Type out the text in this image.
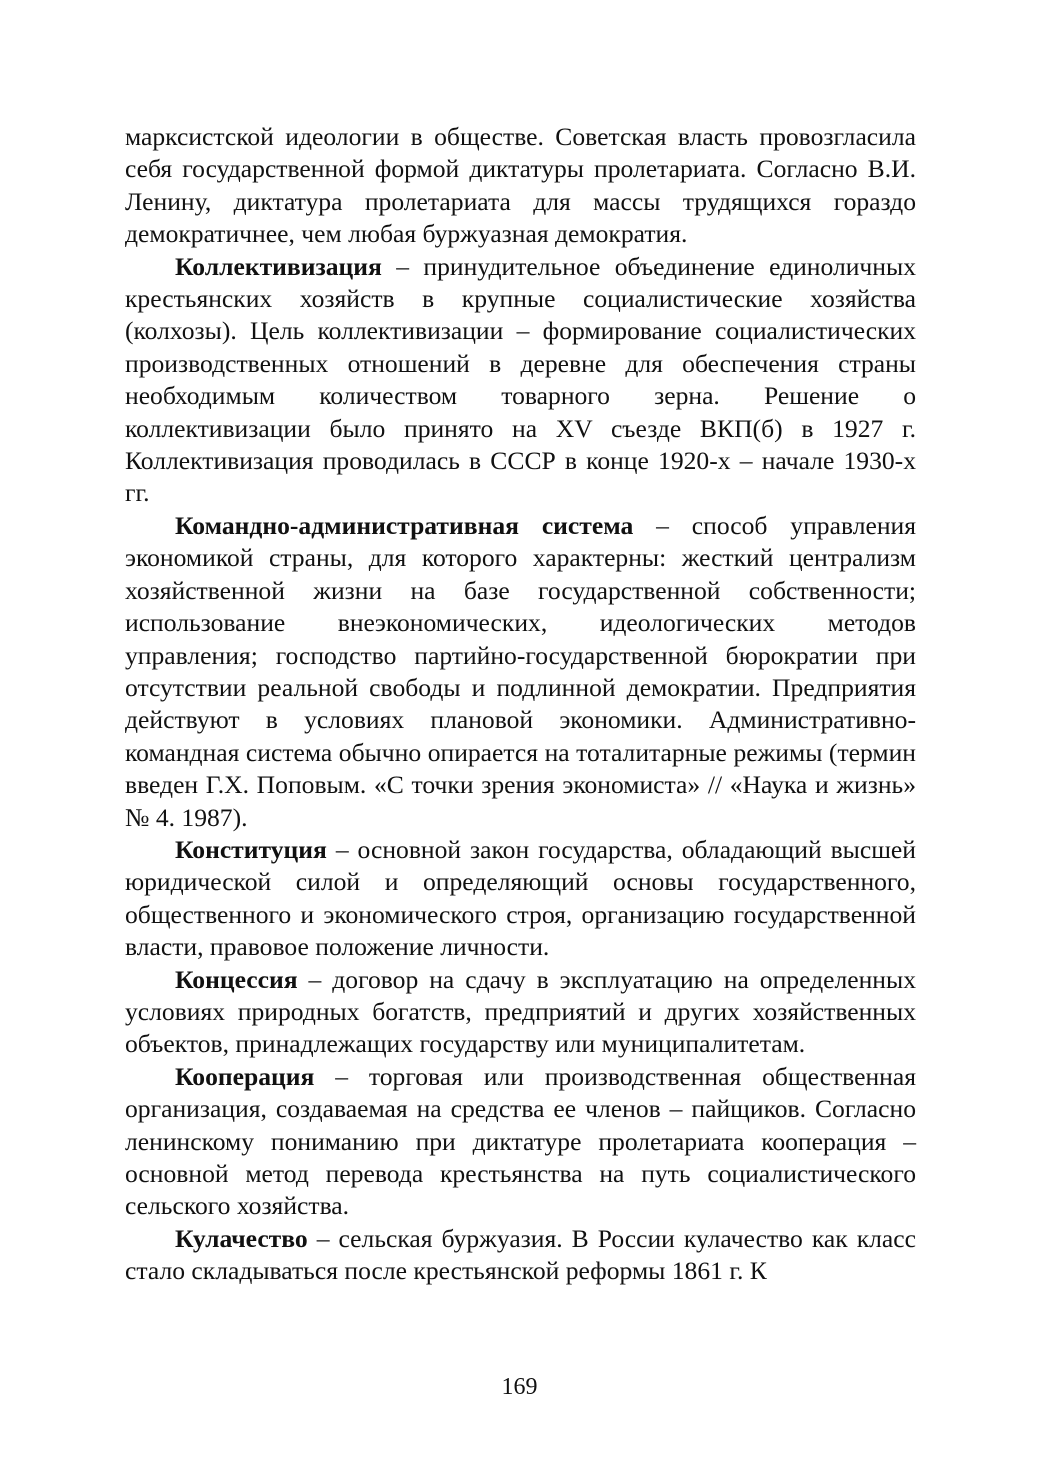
марксистской идеологии в обществе. Советская власть провозгласила себя государственной формой диктатуры пролетариата. Согласно В.И. Ленину, диктатура пролетариата для массы трудящихся гораздо демократичнее, чем любая буржуазная демократия.

Коллективизация – принудительное объединение единоличных крестьянских хозяйств в крупные социалистические хозяйства (колхозы). Цель коллективизации – формирование социалистических производственных отношений в деревне для обеспечения страны необходимым количеством товарного зерна. Решение о коллективизации было принято на XV съезде ВКП(б) в 1927 г. Коллективизация проводилась в СССР в конце 1920-х – начале 1930-х гг.

Командно-административная система – способ управления экономикой страны, для которого характерны: жесткий централизм хозяйственной жизни на базе государственной собственности; использование внеэкономических, идеологических методов управления; господство партийно-государственной бюрократии при отсутствии реальной свободы и подлинной демократии. Предприятия действуют в условиях плановой экономики. Административно-командная система обычно опирается на тоталитарные режимы (термин введен Г.Х. Поповым. «С точки зрения экономиста» // «Наука и жизнь» № 4. 1987).

Конституция – основной закон государства, обладающий высшей юридической силой и определяющий основы государственного, общественного и экономического строя, организацию государственной власти, правовое положение личности.

Концессия – договор на сдачу в эксплуатацию на определенных условиях природных богатств, предприятий и других хозяйственных объектов, принадлежащих государству или муниципалитетам.

Кооперация – торговая или производственная общественная организация, создаваемая на средства ее членов – пайщиков. Согласно ленинскому пониманию при диктатуре пролетариата кооперация – основной метод перевода крестьянства на путь социалистического сельского хозяйства.

Кулачество – сельская буржуазия. В России кулачество как класс стало складываться после крестьянской реформы 1861 г. К

169
